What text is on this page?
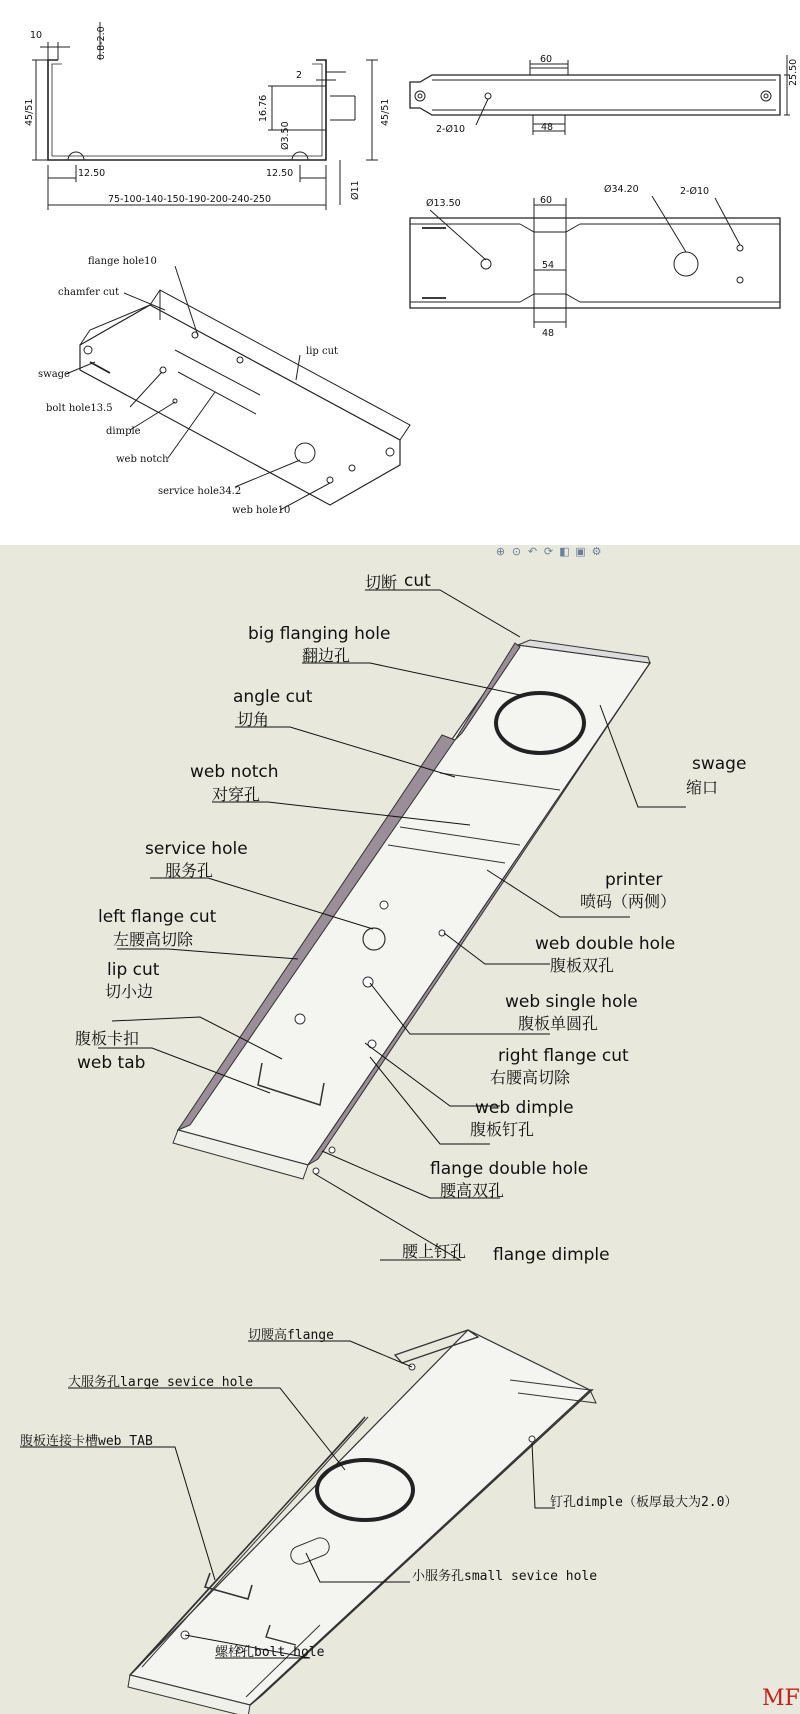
10	0.8-2.0
45/51
12.50	12.50
75-100-140-150-190-200-240-250
2
16.76
Ø3.50
45/51
Ø11
60	25.50
2-Ø10	48
Ø13.50	60
Ø34.20	2-Ø10
54
48
flange hole10
chamfer cut
swage
lip cut
bolt hole13.5
dimple
web notch
service hole34.2
web hole10
⊕ ⊙ ↶ ⟳ ◧ ▣ ⚙
切断 cut
big flanging hole
翻边孔
angle cut
切角
swage
缩口
web notch
对穿孔
service hole
服务孔	printer
喷码（两侧）
left flange cut
左腰高切除	web double hole
腹板双孔
lip cut
切小边
web single hole
腹板单圆孔
腹板卡扣
web tab	right flange cut
右腰高切除
web dimple
腹板钉孔
flange double hole
腰高双孔
腰上钉孔 flange dimple
切腰高flange
大服务孔large sevice hole
腹板连接卡槽web TAB
钉孔dimple（板厚最大为2.0）
小服务孔small sevice hole
螺栓孔bolt hole
MF
